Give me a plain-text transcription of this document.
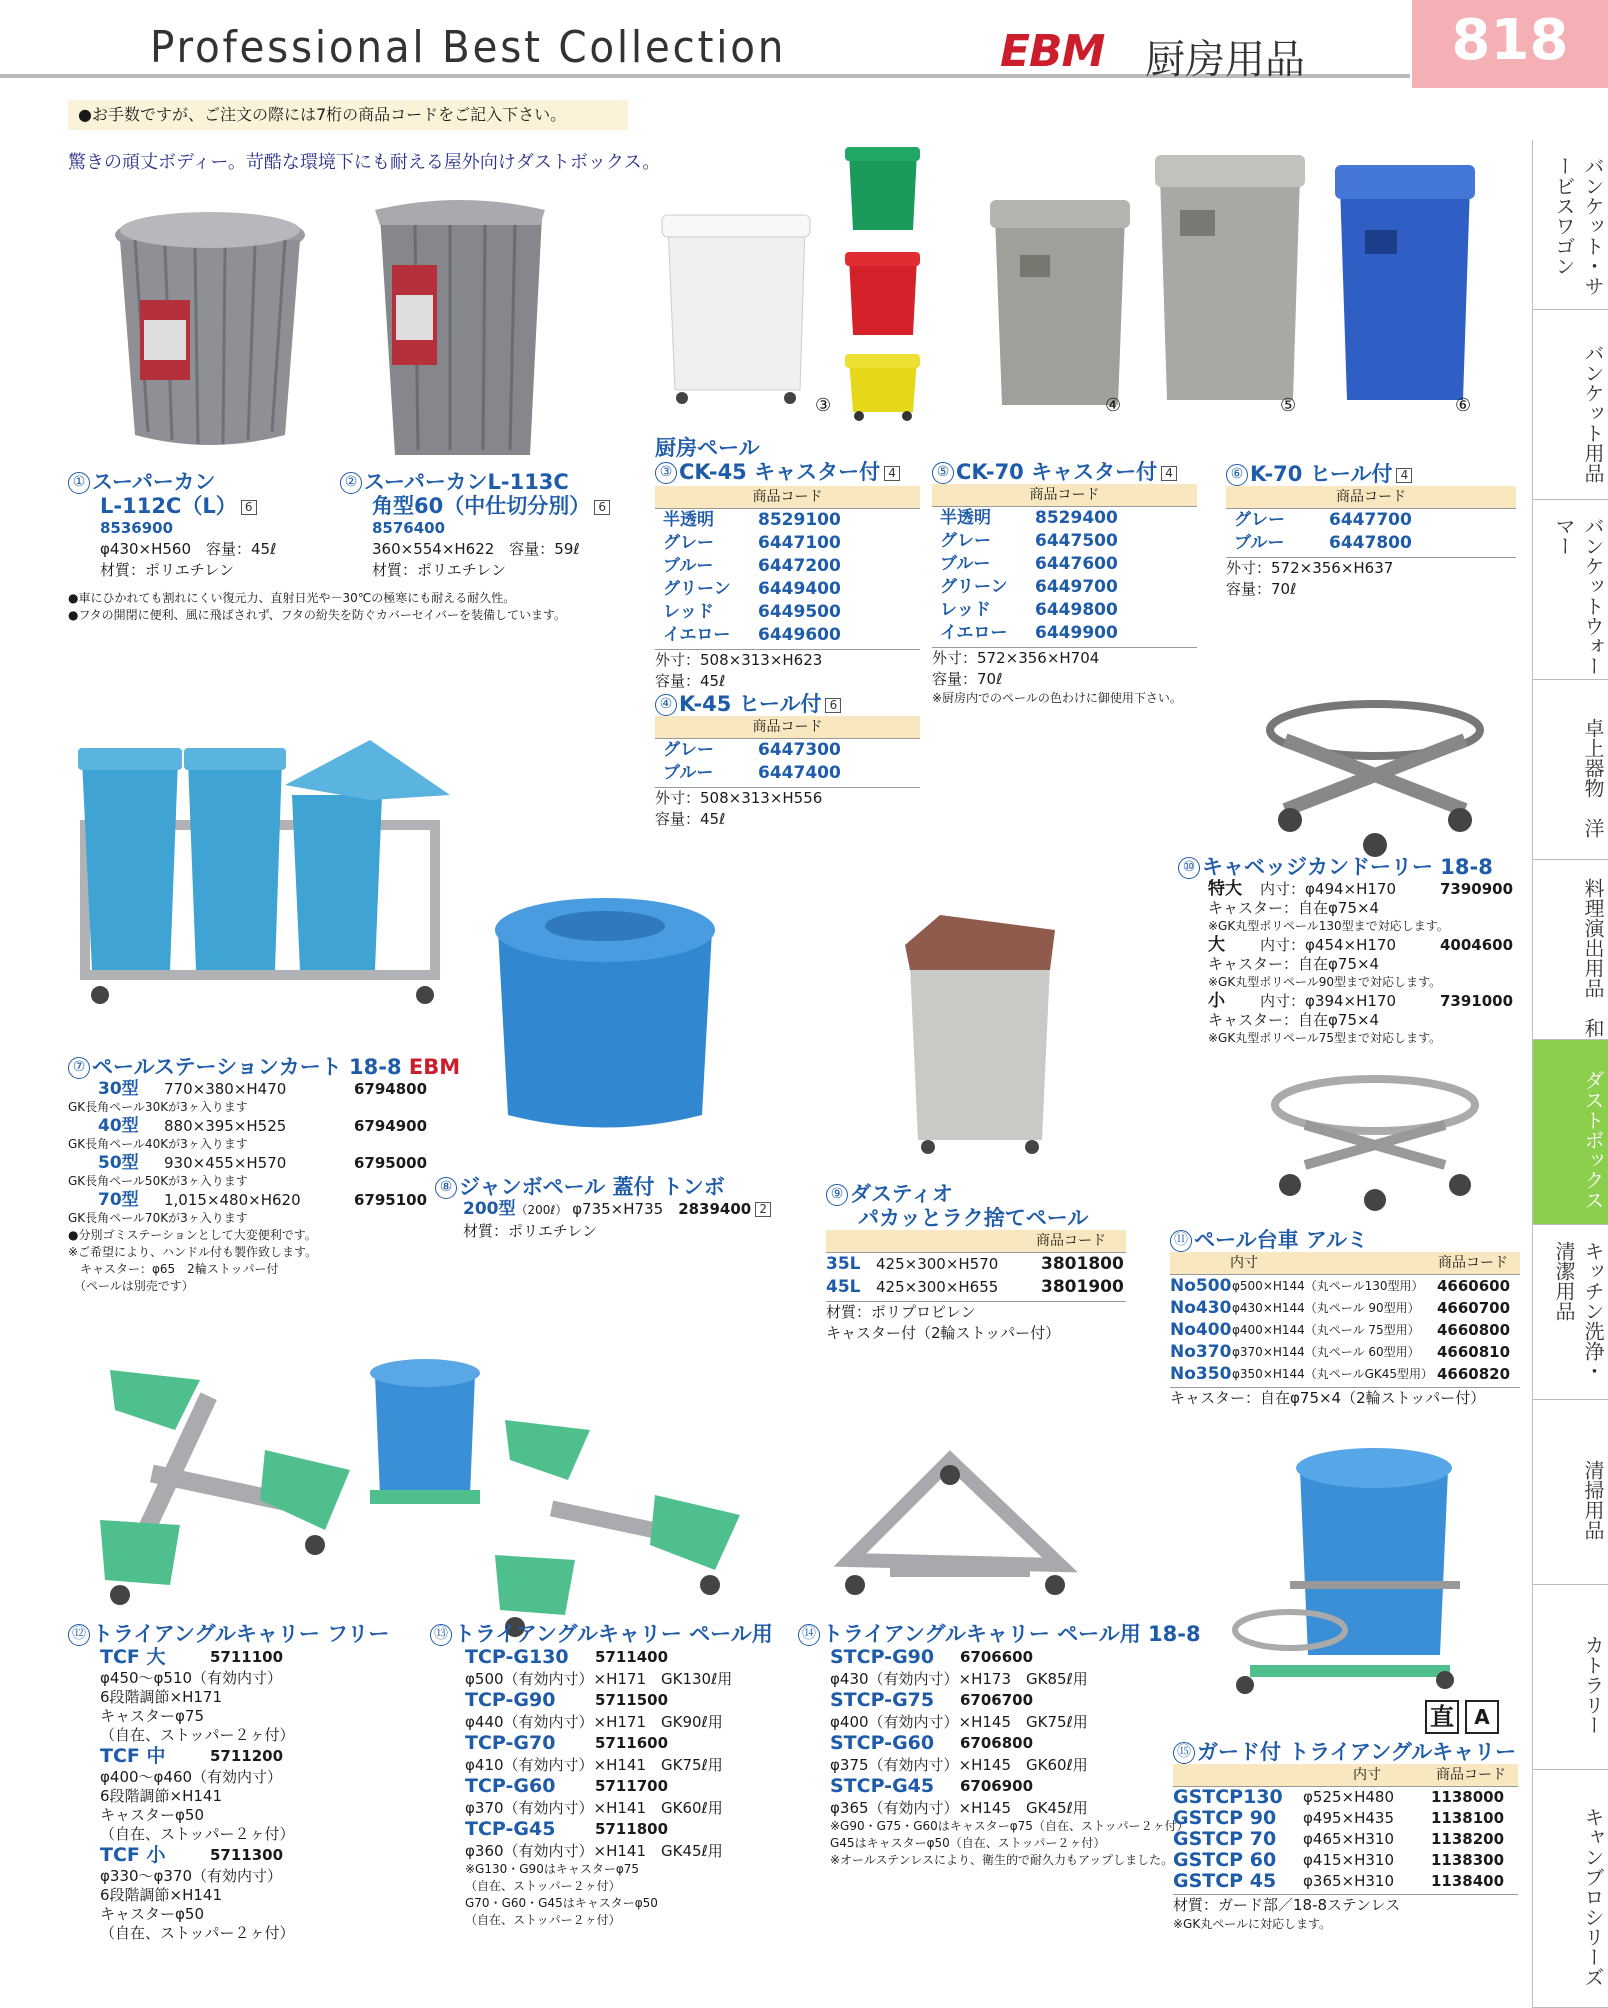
Professional Best Collection	EBM 厨房用品	818
●お手数ですが、ご注文の際には7桁の商品コードをご記入下さい。
驚きの頑丈ボディー。苛酷な環境下にも耐える屋外向けダストボックス。	バンケット・サービスワゴン
バンケット用品
バンケットウォーマー
卓上器物　洋
料理演出用品　和
ダストボックス
キッチン洗浄・清潔用品
清掃用品
カトラリー
キャンブロシリーズ
③	④	⑤	⑥
直	A
① スーパーカン
L-112C（L） 6
8536900
φ430×H560　容量：45ℓ
材質：ポリエチレン
② スーパーカンL-113C
角型60（中仕切分別） 6
8576400
360×554×H622　容量：59ℓ
材質：ポリエチレン
●車にひかれても割れにくい復元力、直射日光や－30℃の極寒にも耐える耐久性。
●フタの開閉に便利、風に飛ばされず、フタの紛失を防ぐカバーセイバーを装備しています。
厨房ペール
③ CK-45 キャスター付 4
商品コード
半透明	8529100
グレー	6447100
ブルー	6447200
グリーン	6449400
レッド	6449500
イエロー	6449600
外寸：508×313×H623
容量：45ℓ
④ K-45 ヒール付 6
商品コード
グレー	6447300
ブルー	6447400
外寸：508×313×H556
容量：45ℓ
⑤ CK-70 キャスター付 4
商品コード
半透明	8529400
グレー	6447500
ブルー	6447600
グリーン	6449700
レッド	6449800
イエロー	6449900
外寸：572×356×H704
容量：70ℓ
※厨房内でのペールの色わけに御使用下さい。
⑥ K-70 ヒール付 4
商品コード
グレー	6447700
ブルー	6447800
外寸：572×356×H637
容量：70ℓ
⑦ ペールステーションカート 18-8 EBM
30型	770×380×H470	6794800
GK長角ペール30Kが3ヶ入ります
40型	880×395×H525	6794900
GK長角ペール40Kが3ヶ入ります
50型	930×455×H570	6795000
GK長角ペール50Kが3ヶ入ります
70型	1,015×480×H620	6795100
GK長角ペール70Kが3ヶ入ります
●分別ゴミステーションとして大変便利です。
※ご希望により、ハンドル付も製作致します。
　キャスター：φ65　2輪ストッパー付
　（ペールは別売です）
⑧ ジャンボペール 蓋付 トンボ
200型（200ℓ） φ735×H735　 2839400 2
材質：ポリエチレン
⑨ ダスティオ
パカッとラク捨てペール
商品コード
35L	425×300×H570	3801800
45L	425×300×H655	3801900
材質：ポリプロピレン
キャスター付（2輪ストッパー付）
⑩ キャベッジカンドーリー 18-8
特大	内寸：φ494×H170	7390900
キャスター：自在φ75×4
※GK丸型ポリペール130型まで対応します。
大	内寸：φ454×H170	4004600
キャスター：自在φ75×4
※GK丸型ポリペール90型まで対応します。
小	内寸：φ394×H170	7391000
キャスター：自在φ75×4
※GK丸型ポリペール75型まで対応します。
⑪ ペール台車 アルミ
内寸	商品コード
No500 φ500×H144（丸ペール130型用） 4660600
No430 φ430×H144（丸ペール 90型用）	4660700
No400 φ400×H144（丸ペール 75型用）	4660800
No370 φ370×H144（丸ペール 60型用）	4660810
No350 φ350×H144（丸ペールGK45型用） 4660820
キャスター：自在φ75×4（2輪ストッパー付）
⑫ トライアングルキャリー フリー
TCF 大	5711100
φ450～φ510（有効内寸）
6段階調節×H171
キャスターφ75
（自在、ストッパー２ヶ付）
TCF 中	5711200
φ400～φ460（有効内寸）
6段階調節×H141
キャスターφ50
（自在、ストッパー２ヶ付）
TCF 小	5711300
φ330～φ370（有効内寸）
6段階調節×H141
キャスターφ50
（自在、ストッパー２ヶ付）
⑬ トライアングルキャリー ペール用
TCP-G130	5711400
φ500（有効内寸）×H171　GK130ℓ用
TCP-G90	5711500
φ440（有効内寸）×H171　GK90ℓ用
TCP-G70	5711600
φ410（有効内寸）×H141　GK75ℓ用
TCP-G60	5711700
φ370（有効内寸）×H141　GK60ℓ用
TCP-G45	5711800
φ360（有効内寸）×H141　GK45ℓ用
※G130・G90はキャスターφ75
（自在、ストッパー２ヶ付）
G70・G60・G45はキャスターφ50
（自在、ストッパー２ヶ付）
⑭ トライアングルキャリー ペール用 18-8
STCP-G90	6706600
φ430（有効内寸）×H173　GK85ℓ用
STCP-G75	6706700
φ400（有効内寸）×H145　GK75ℓ用
STCP-G60	6706800
φ375（有効内寸）×H145　GK60ℓ用
STCP-G45	6706900
φ365（有効内寸）×H145　GK45ℓ用
※G90・G75・G60はキャスターφ75（自在、ストッパー２ヶ付）
G45はキャスターφ50（自在、ストッパー２ヶ付）
※オールステンレスにより、衛生的で耐久力もアップしました。
⑮ ガード付 トライアングルキャリー
内寸	商品コード
GSTCP130	φ525×H480	1138000
GSTCP 90	φ495×H435	1138100
GSTCP 70	φ465×H310	1138200
GSTCP 60	φ415×H310	1138300
GSTCP 45	φ365×H310	1138400
材質：ガード部／18-8ステンレス
※GK丸ペールに対応します。
